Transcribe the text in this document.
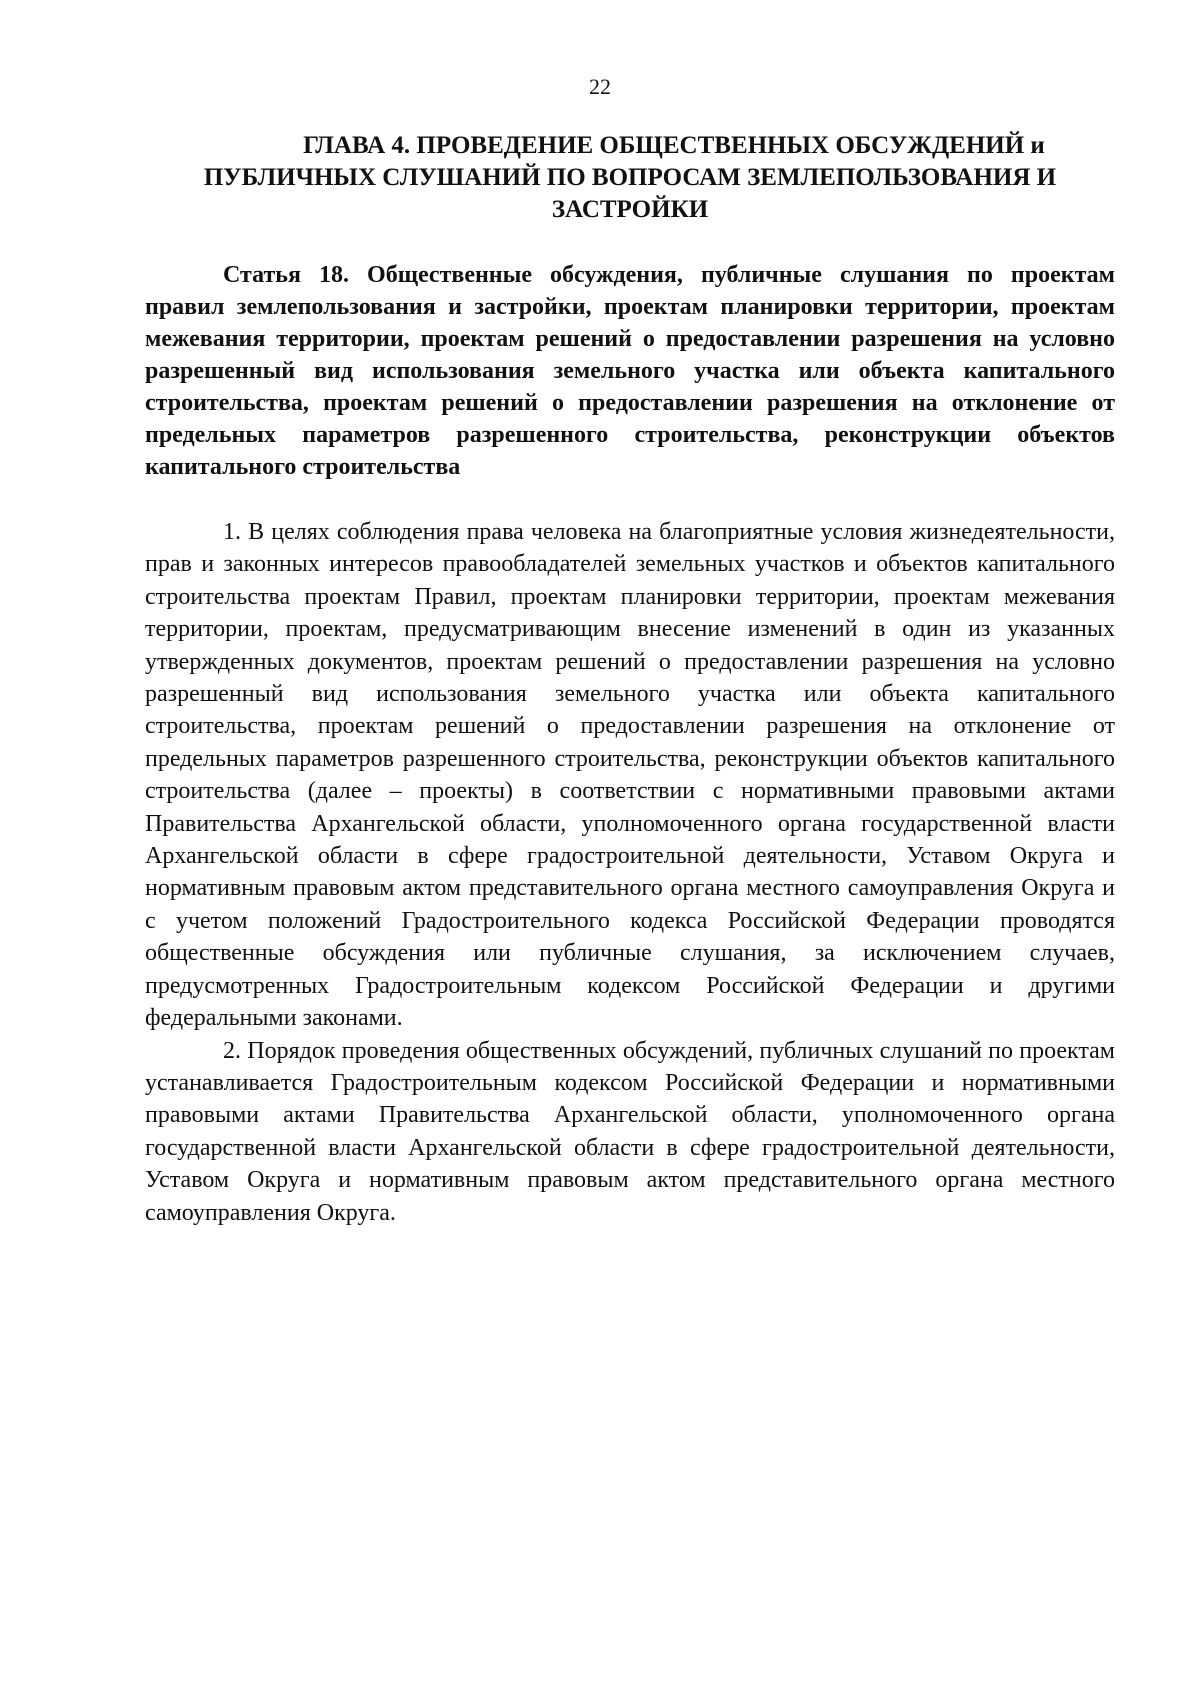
22
ГЛАВА 4. ПРОВЕДЕНИЕ ОБЩЕСТВЕННЫХ ОБСУЖДЕНИЙ и
ПУБЛИЧНЫХ СЛУШАНИЙ ПО ВОПРОСАМ ЗЕМЛЕПОЛЬЗОВАНИЯ И
ЗАСТРОЙКИ
Статья 18. Общественные обсуждения, публичные слушания по проектам правил землепользования и застройки, проектам планировки территории, проектам межевания территории, проектам решений о предоставлении разрешения на условно разрешенный вид использования земельного участка или объекта капитального строительства, проектам решений о предоставлении разрешения на отклонение от предельных параметров разрешенного строительства, реконструкции объектов капитального строительства

1. В целях соблюдения права человека на благоприятные условия жизнедеятельности, прав и законных интересов правообладателей земельных участков и объектов капитального строительства проектам Правил, проектам планировки территории, проектам межевания территории, проектам, предусматривающим внесение изменений в один из указанных утвержденных документов, проектам решений о предоставлении разрешения на условно разрешенный вид использования земельного участка или объекта капитального строительства, проектам решений о предоставлении разрешения на отклонение от предельных параметров разрешенного строительства, реконструкции объектов капитального строительства (далее – проекты) в соответствии с нормативными правовыми актами Правительства Архангельской области, уполномоченного органа государственной власти Архангельской области в сфере градостроительной деятельности, Уставом Округа и нормативным правовым актом представительного органа местного самоуправления Округа и с учетом положений Градостроительного кодекса Российской Федерации проводятся общественные обсуждения или публичные слушания, за исключением случаев, предусмотренных Градостроительным кодексом Российской Федерации и другими федеральными законами.

2. Порядок проведения общественных обсуждений, публичных слушаний по проектам устанавливается Градостроительным кодексом Российской Федерации и нормативными правовыми актами Правительства Архангельской области, уполномоченного органа государственной власти Архангельской области в сфере градостроительной деятельности, Уставом Округа и нормативным правовым актом представительного органа местного самоуправления Округа.
